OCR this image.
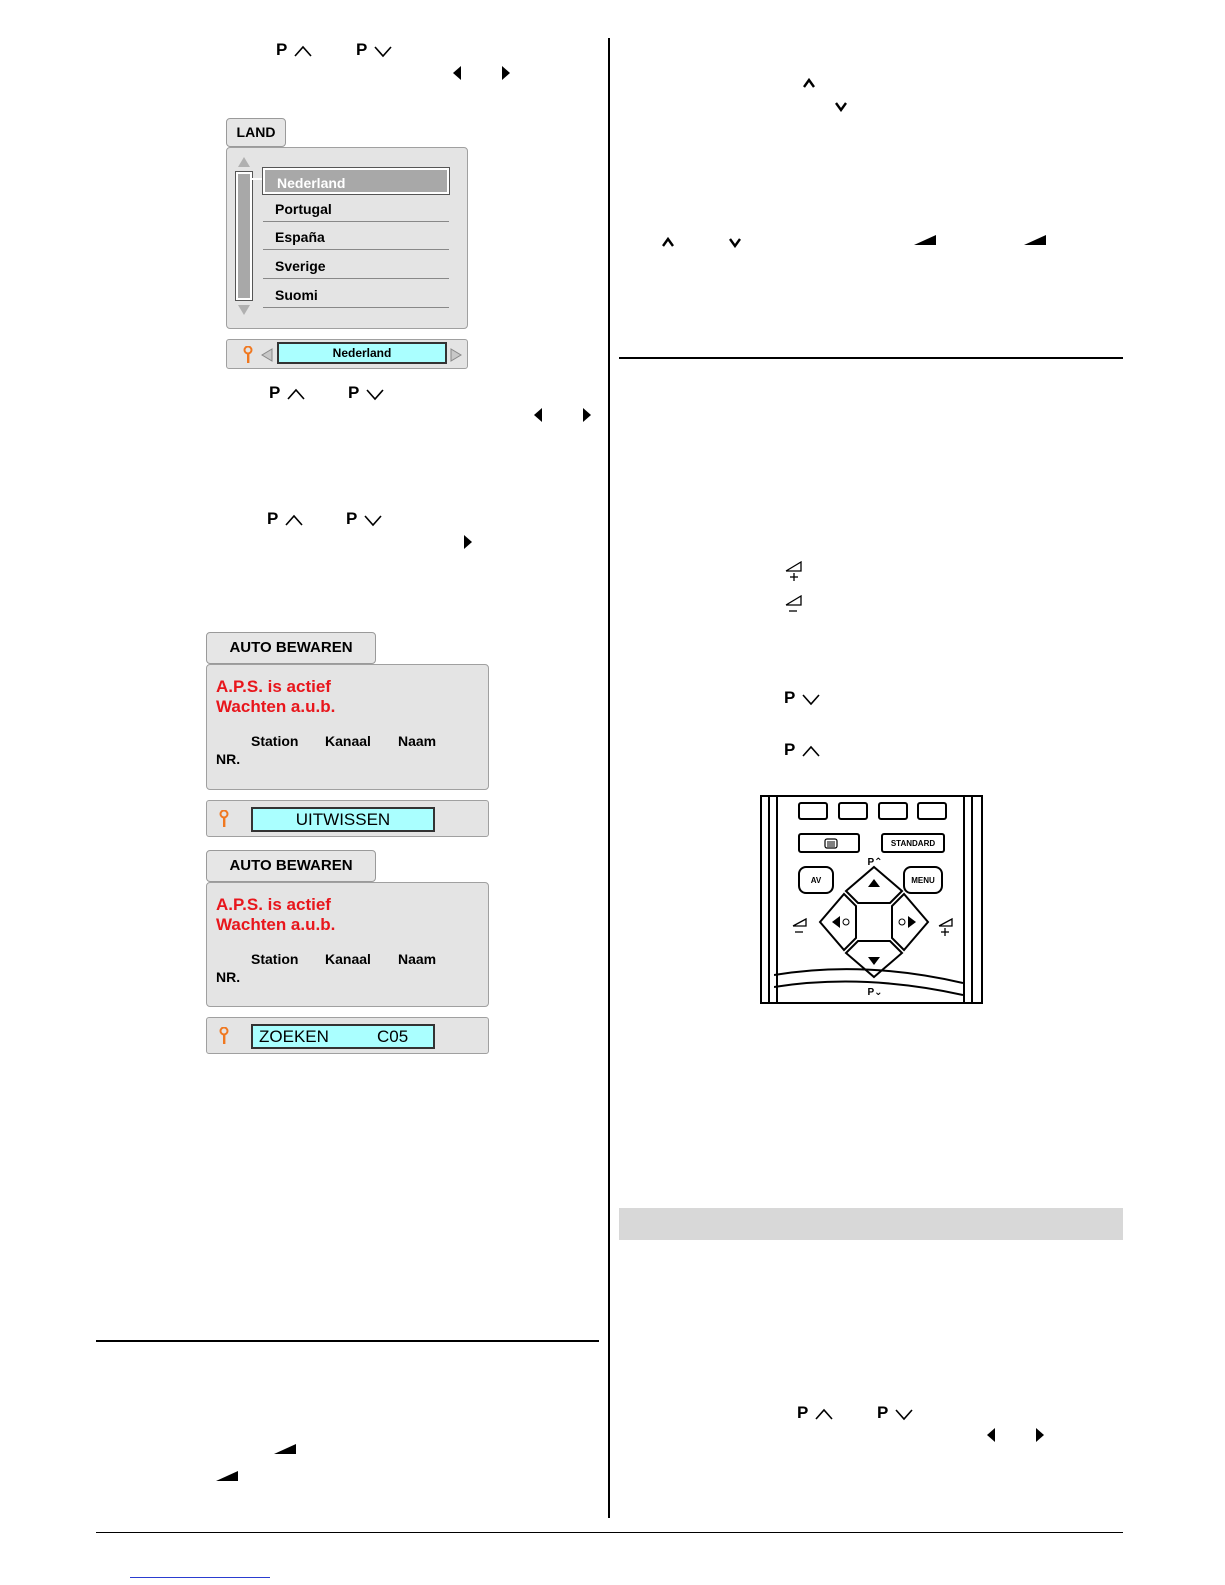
P	P
LAND
Nederland
Portugal
España
Sverige
Suomi
Nederland
P	P
P	P
AUTO BEWAREN
A.P.S. is actief
Wachten a.u.b.
Station Kanaal Naam
NR.
UITWISSEN
AUTO BEWAREN
A.P.S. is actief
Wachten a.u.b.
Station Kanaal Naam
NR.
ZOEKEN	C05
P
P
STANDARD
AV	MENU
P⌃
P⌄
P	P
